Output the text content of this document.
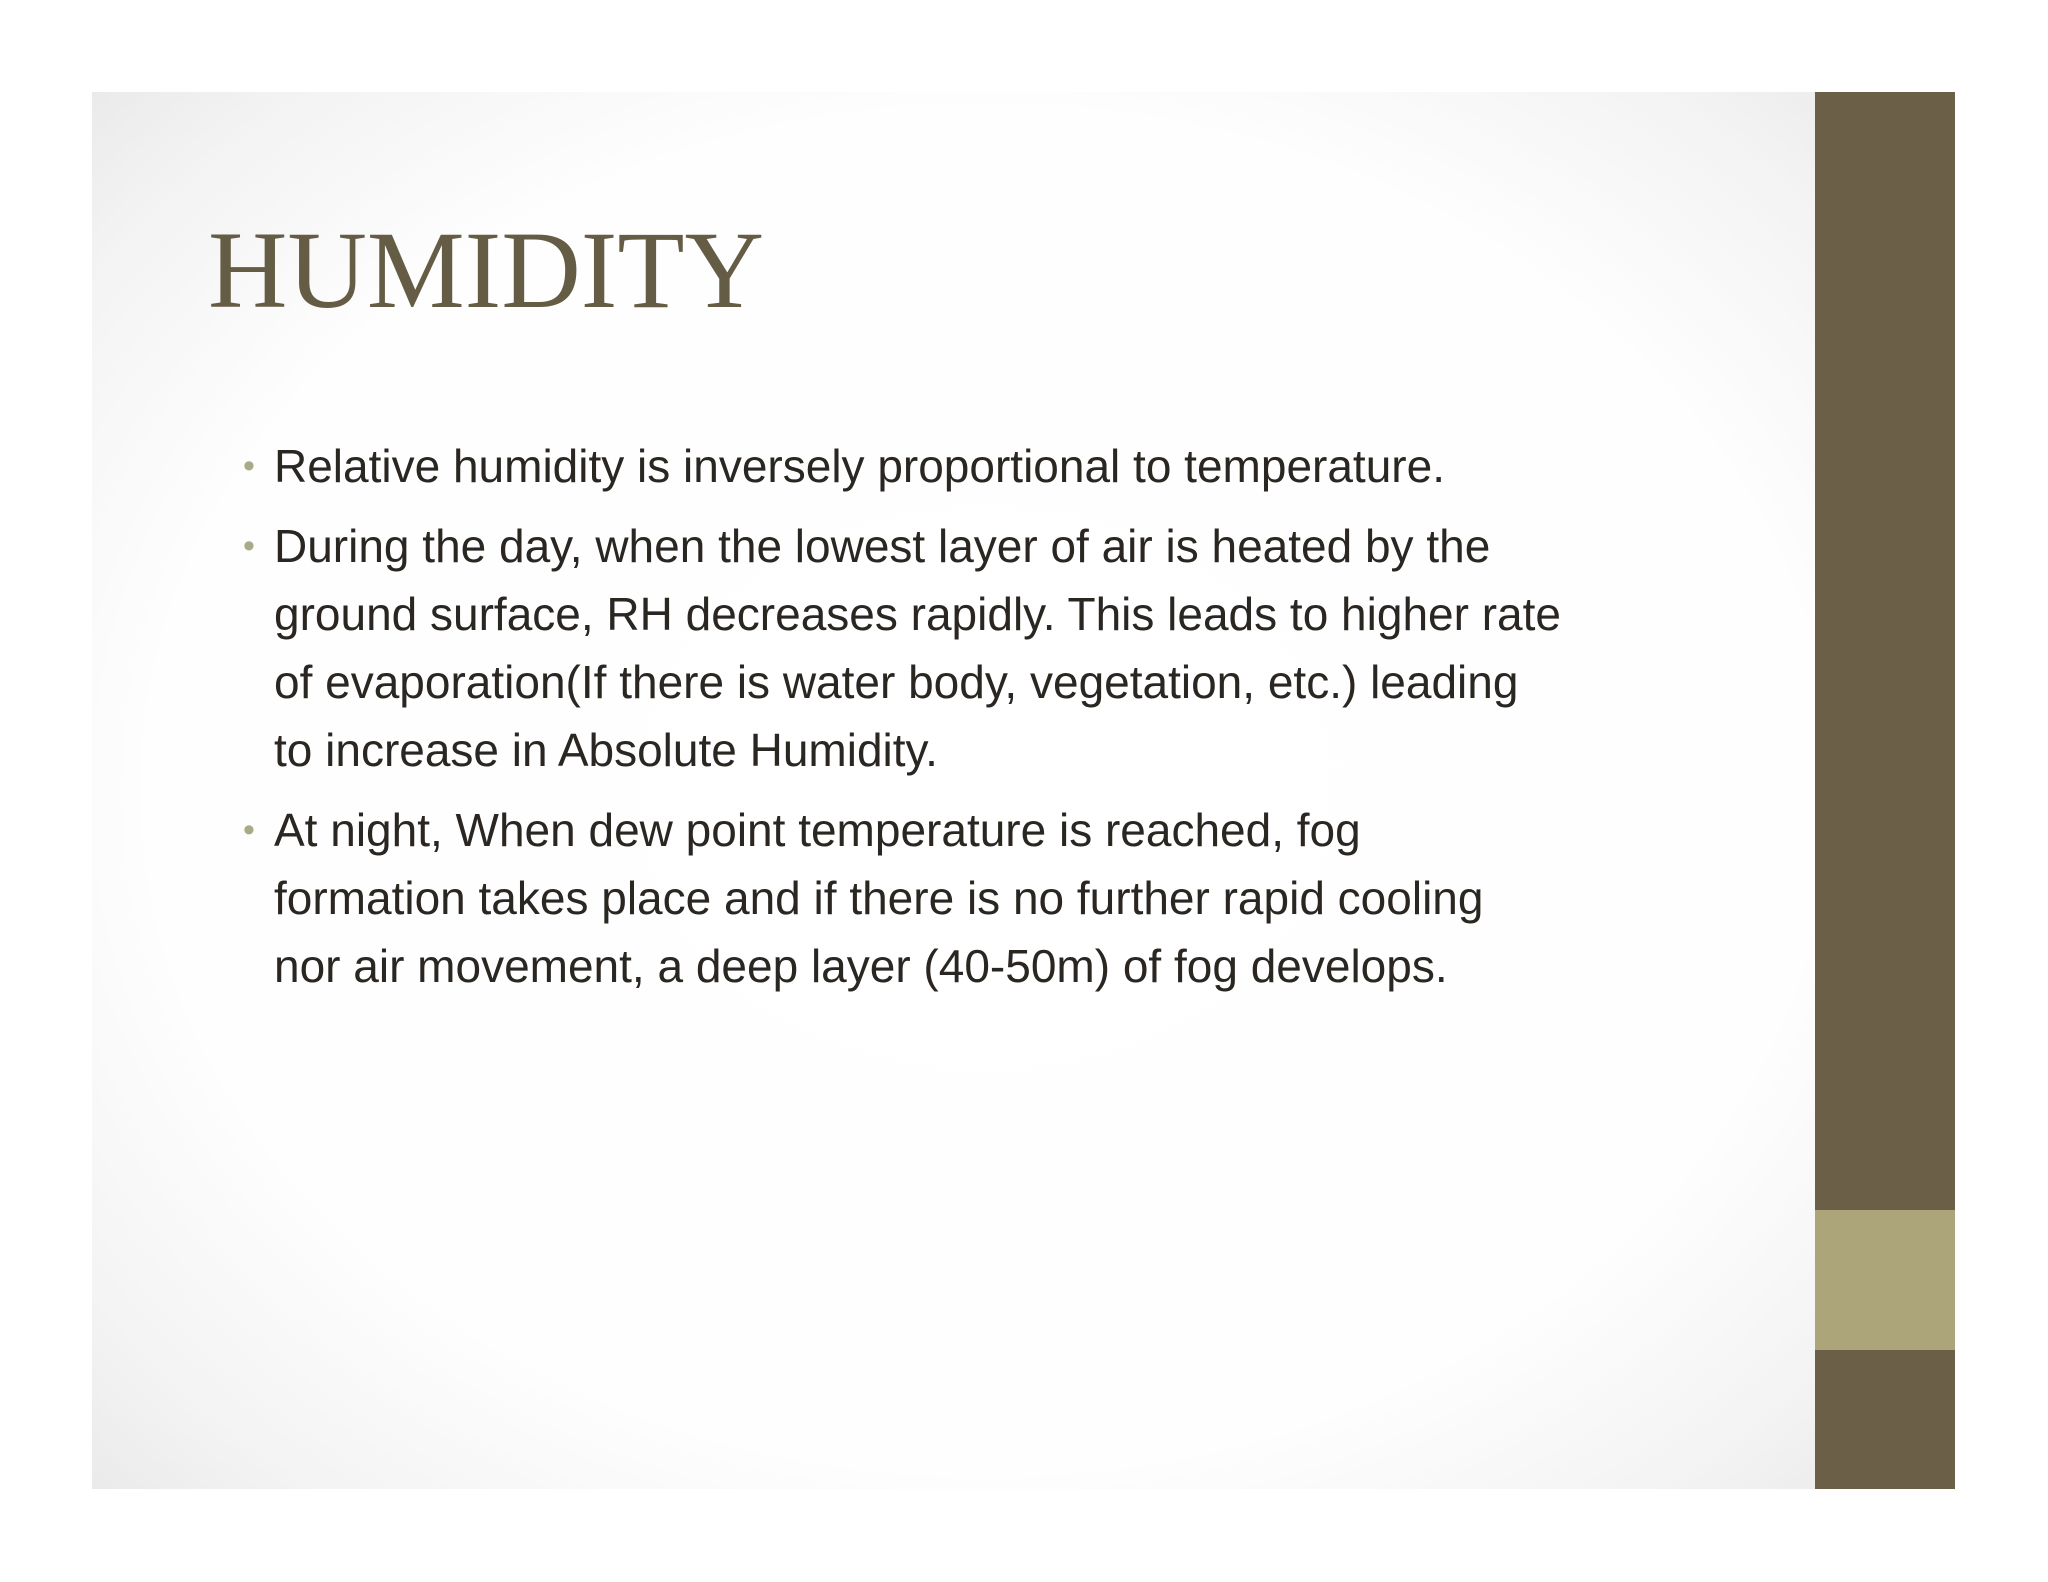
HUMIDITY
• Relative humidity is inversely proportional to temperature.
• During the day, when the lowest layer of air is heated by the
ground surface, RH decreases rapidly. This leads to higher rate
of evaporation(If there is water body, vegetation, etc.) leading
to increase in Absolute Humidity.
• At night, When dew point temperature is reached, fog
formation takes place and if there is no further rapid cooling
nor air movement, a deep layer (40-50m) of fog develops.
